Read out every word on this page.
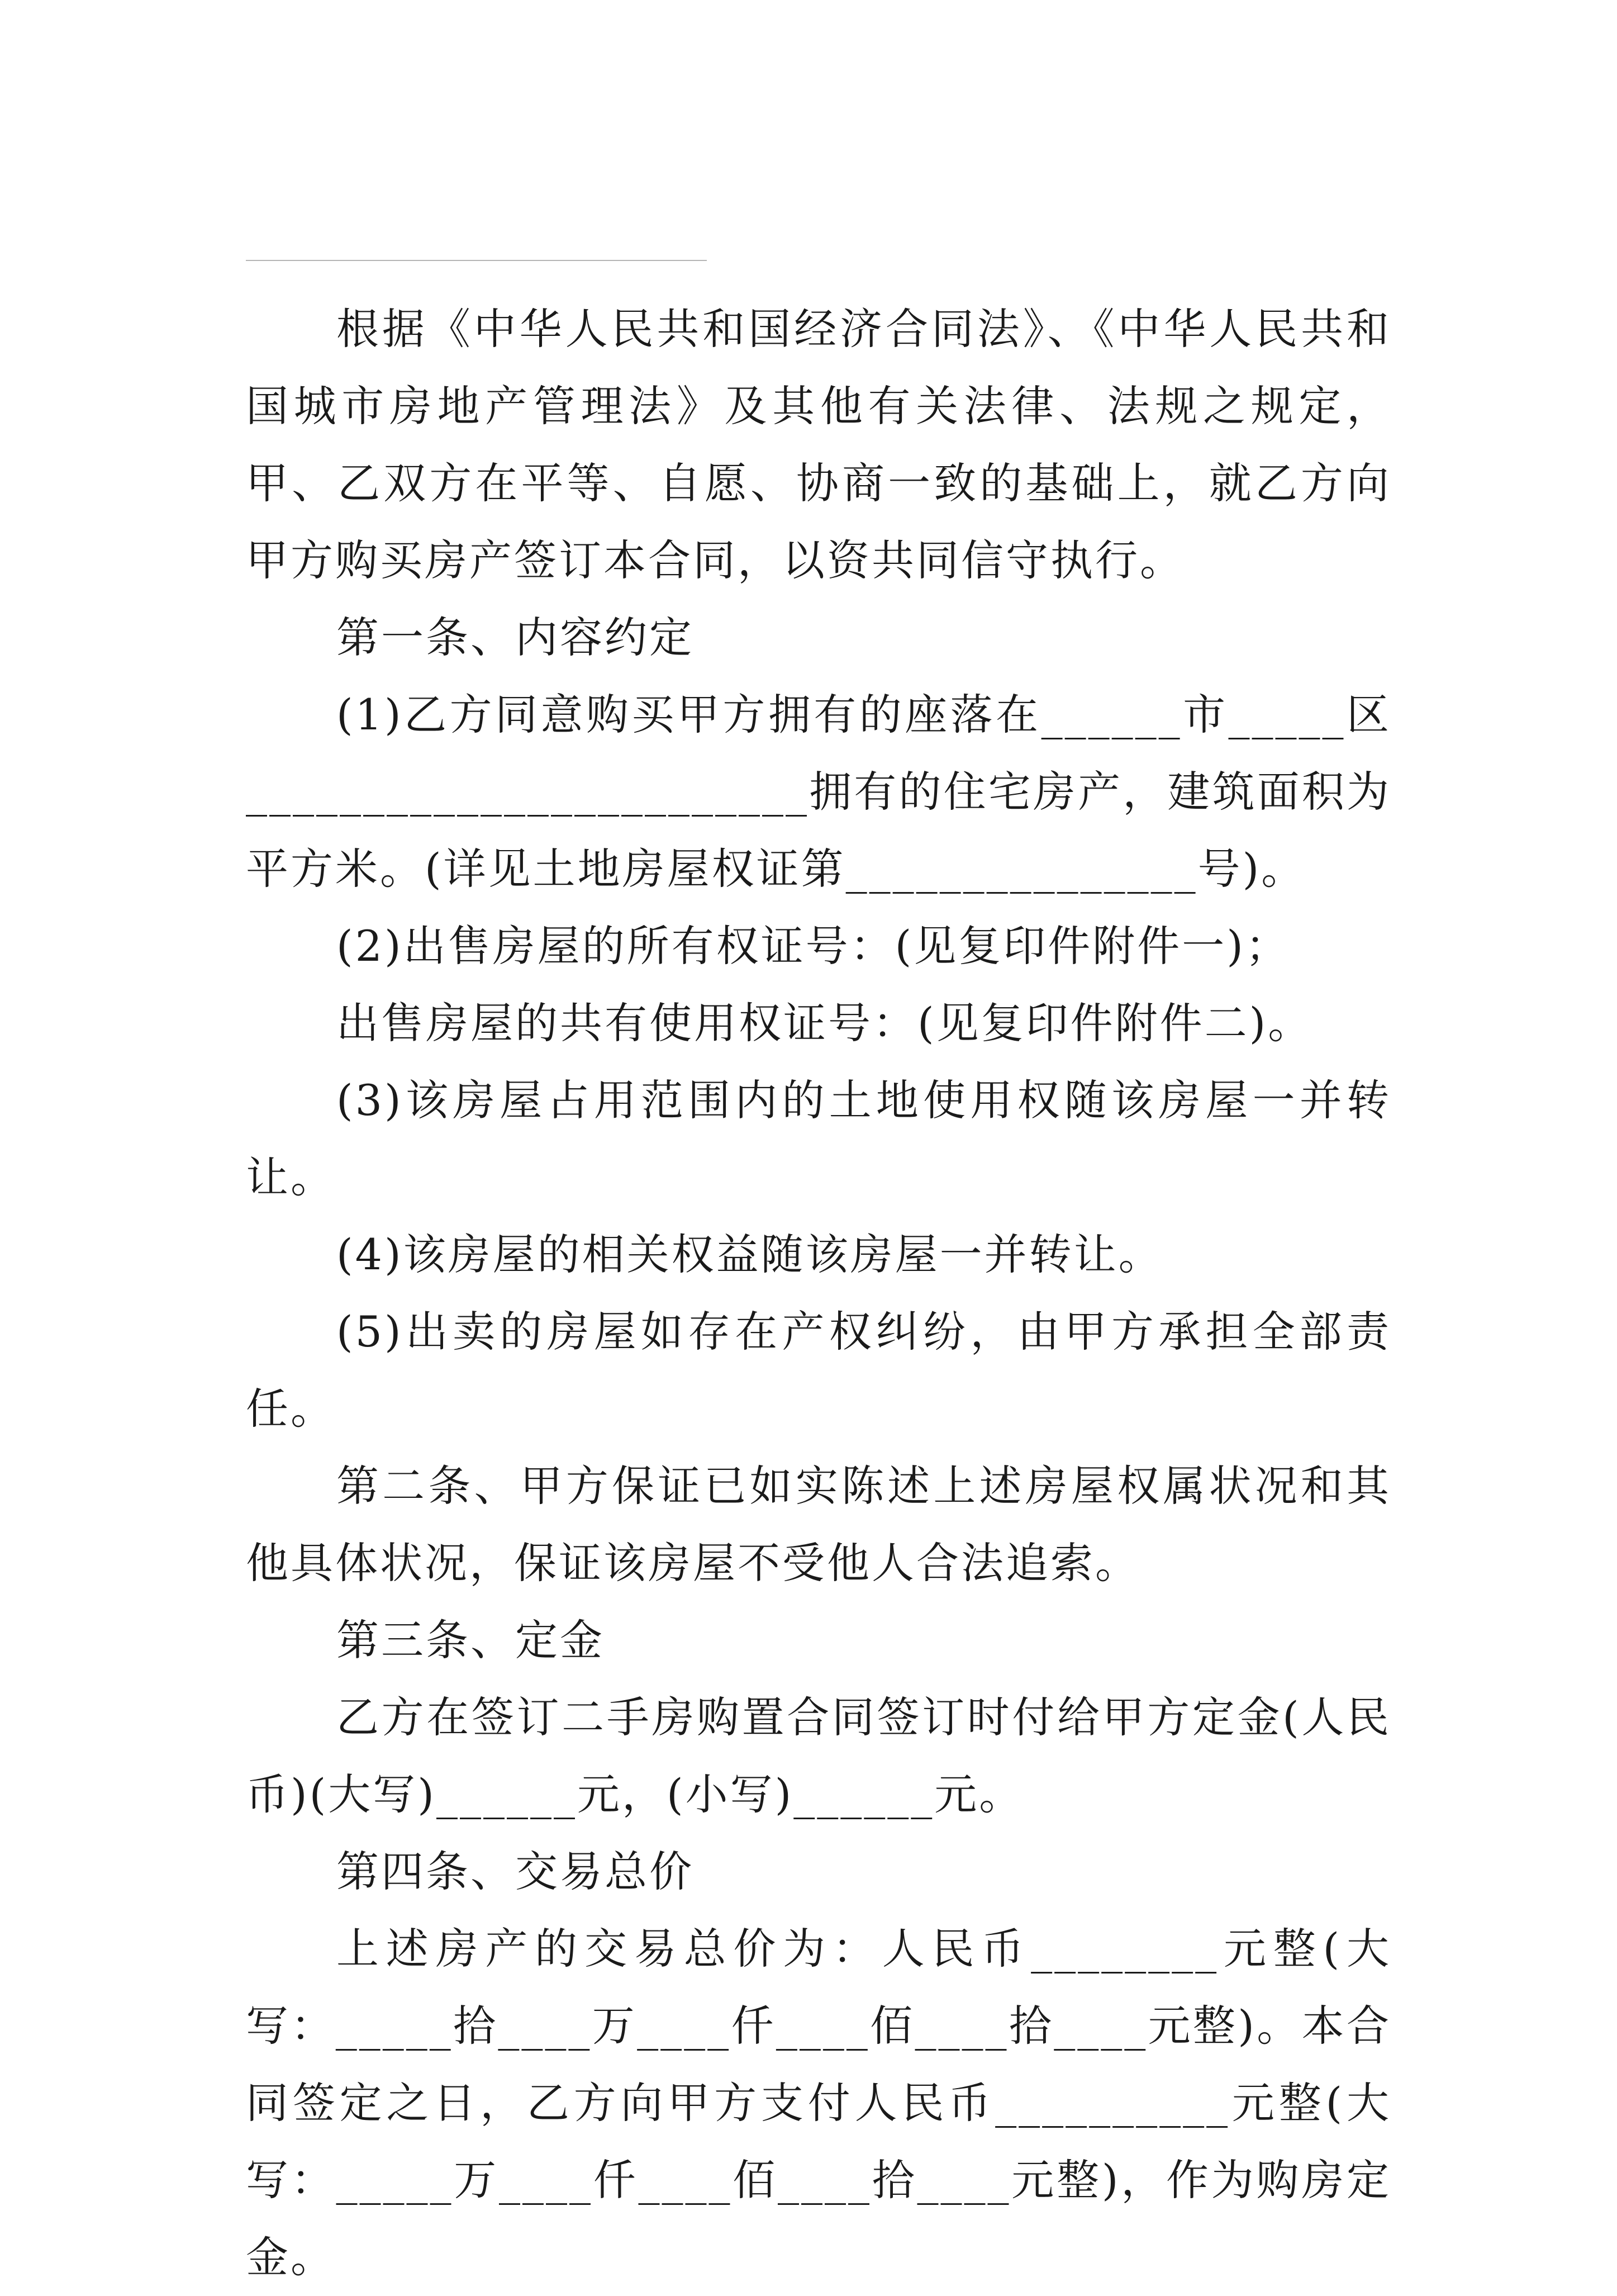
根据《中华人民共和国经济合同法》、《中华人民共和国城市房地产管理法》及其他有关法律、法规之规定，甲、乙双方在平等、自愿、协商一致的基础上，就乙方向甲方购买房产签订本合同，以资共同信守执行。

第一条、内容约定

(1)乙方同意购买甲方拥有的座落在______市_____区________________________拥有的住宅房产，建筑面积为平方米。(详见土地房屋权证第_______________号)。

(2)出售房屋的所有权证号：(见复印件附件一)；

出售房屋的共有使用权证号：(见复印件附件二)。

(3)该房屋占用范围内的土地使用权随该房屋一并转让。

(4)该房屋的相关权益随该房屋一并转让。

(5)出卖的房屋如存在产权纠纷，由甲方承担全部责任。

第二条、甲方保证已如实陈述上述房屋权属状况和其他具体状况，保证该房屋不受他人合法追索。

第三条、定金

乙方在签订二手房购置合同签订时付给甲方定金(人民币)(大写)______元，(小写)______元。

第四条、交易总价

上述房产的交易总价为：人民币________元整(大写：_____拾____万____仟____佰____拾____元整)。本合同签定之日，乙方向甲方支付人民币__________元整(大写：_____万____仟____佰____拾____元整)，作为购房定金。
